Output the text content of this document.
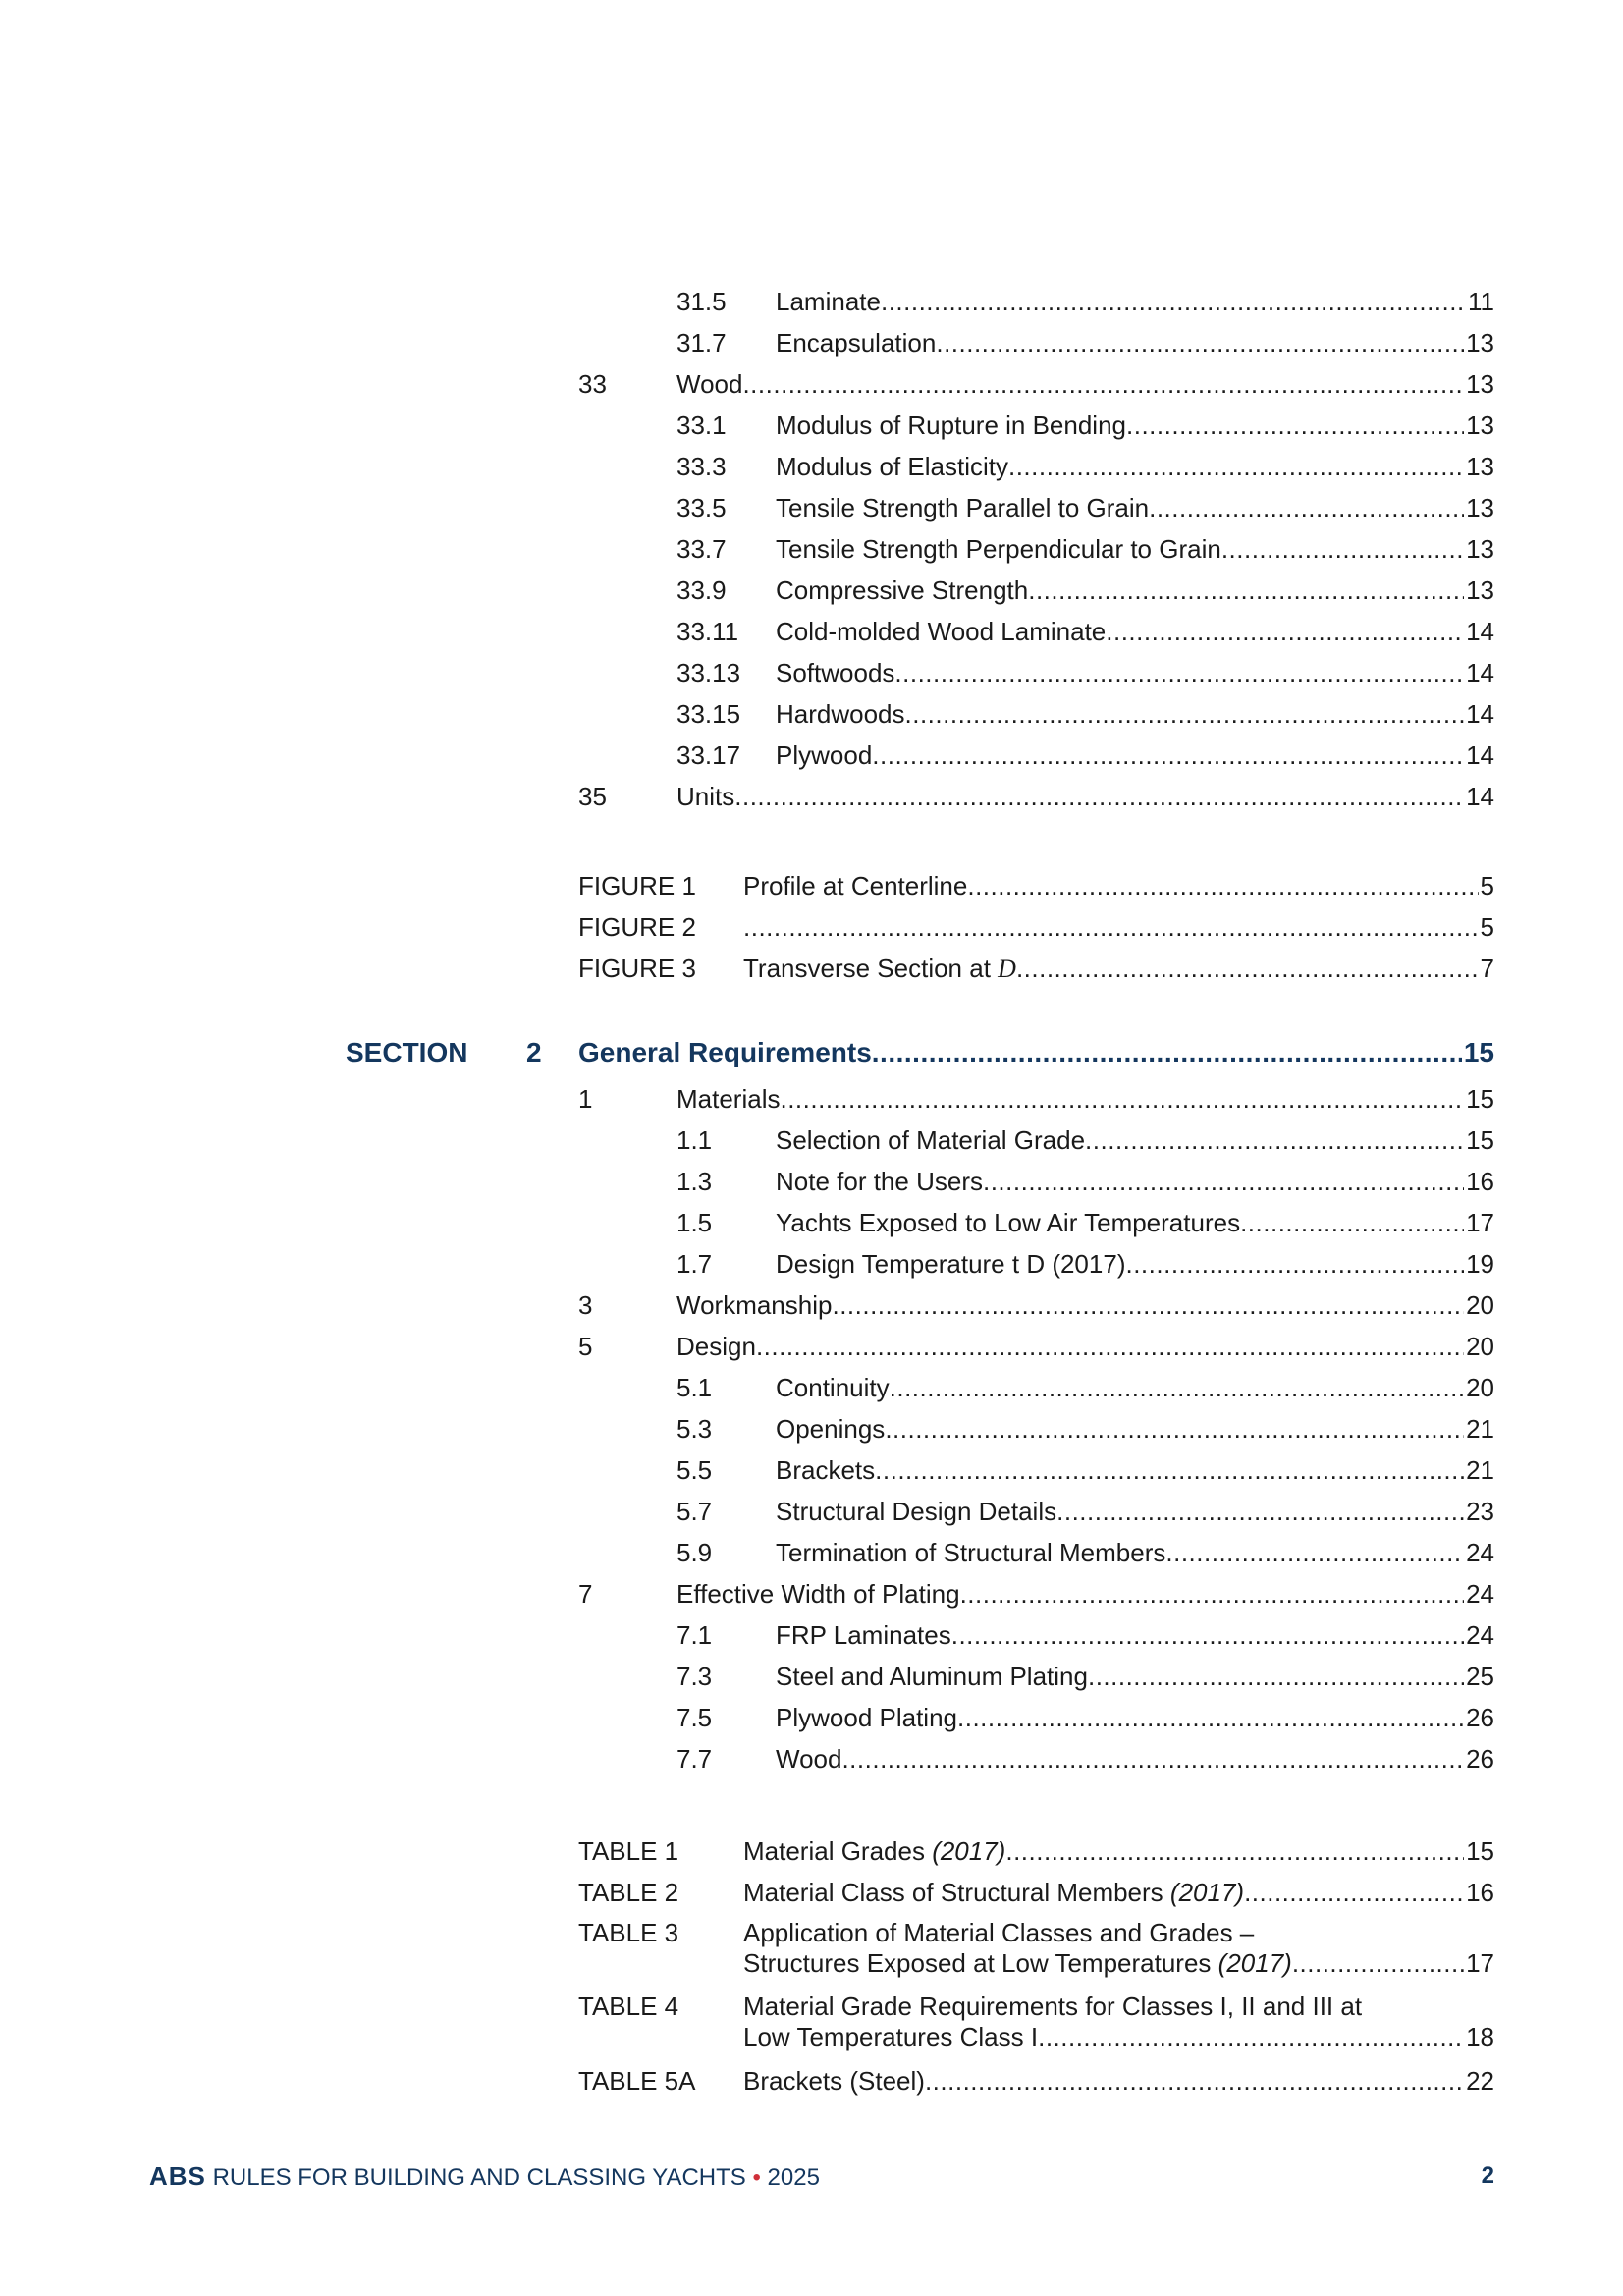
31.5 Laminate .....	11
31.7 Encapsulation .....	13
33	Wood .....	13
33.1 Modulus of Rupture in Bending .....	13
33.3 Modulus of Elasticity .....	13
33.5 Tensile Strength Parallel to Grain .....	13
33.7 Tensile Strength Perpendicular to Grain .....	13
33.9 Compressive Strength .....	13
33.11 Cold-molded Wood Laminate .....	14
33.13 Softwoods .....	14
33.15 Hardwoods .....	14
33.17 Plywood .....	14
35	Units .....	14
FIGURE 1 Profile at Centerline .....	5
FIGURE 2 .....	5
FIGURE 3 Transverse Section at D .....	7
SECTION 2 General Requirements .....	15
1	Materials .....	15
1.1 Selection of Material Grade .....	15
1.3 Note for the Users .....	16
1.5 Yachts Exposed to Low Air Temperatures .....	17
1.7 Design Temperature t D (2017) .....	19
3	Workmanship .....	20
5	Design .....	20
5.1 Continuity .....	20
5.3 Openings .....	21
5.5 Brackets .....	21
5.7 Structural Design Details .....	23
5.9 Termination of Structural Members .....	24
7	Effective Width of Plating .....	24
7.1 FRP Laminates .....	24
7.3 Steel and Aluminum Plating .....	25
7.5 Plywood Plating .....	26
7.7 Wood .....	26
TABLE 1	Material Grades (2017) .....	15
TABLE 2	Material Class of Structural Members (2017) .....	16
TABLE 3	Application of Material Classes and Grades –
Structures Exposed at Low Temperatures (2017) .....	17
TABLE 4	Material Grade Requirements for Classes I, II and III at
Low Temperatures Class I .....	18
TABLE 5A Brackets (Steel) .....	22
ABS RULES FOR BUILDING AND CLASSING YACHTS • 2025	2
